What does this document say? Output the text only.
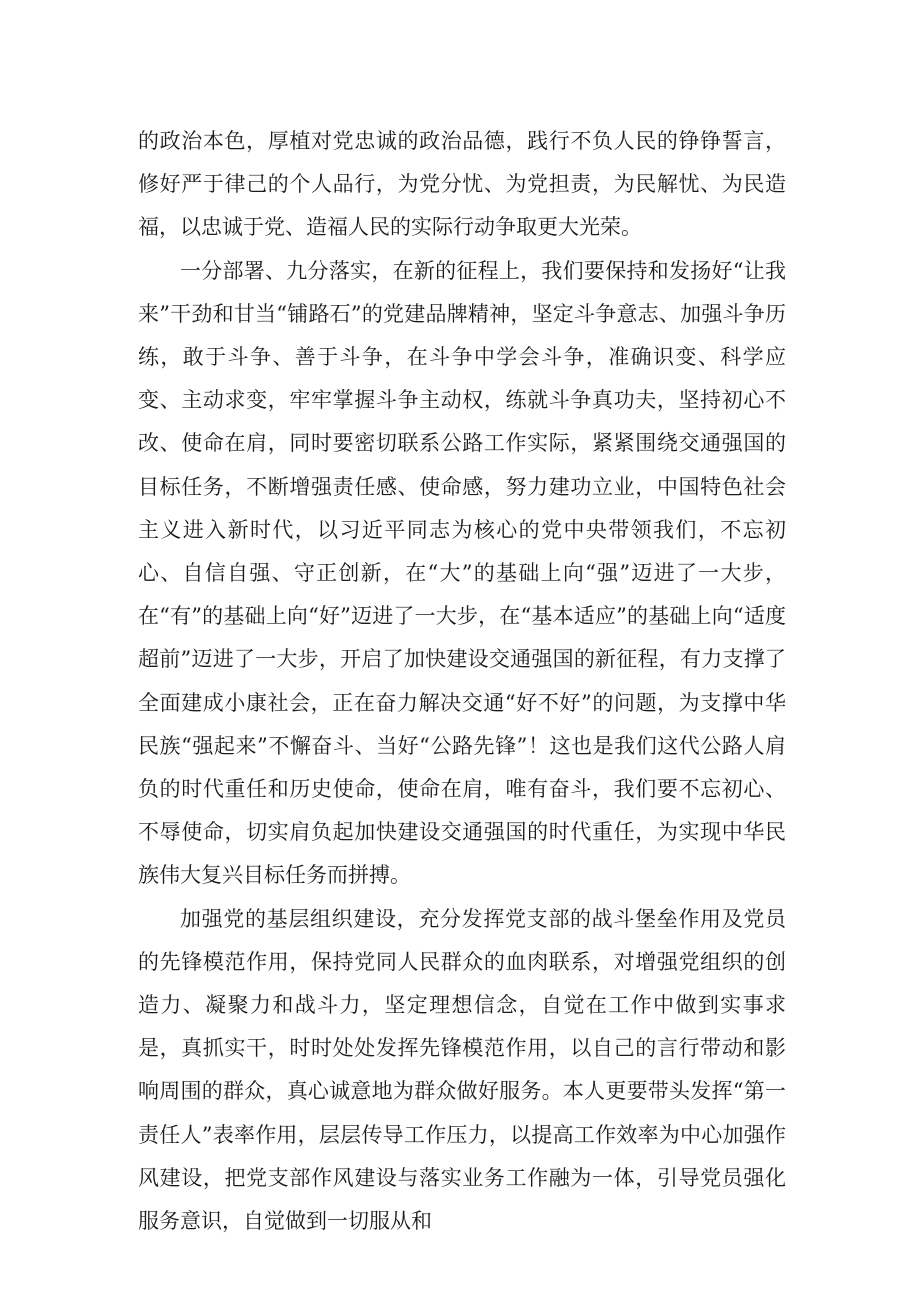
的政治本色，厚植对党忠诚的政治品德，践行不负人民的铮铮誓言，修好严于律己的个人品行，为党分忧、为党担责，为民解忧、为民造福，以忠诚于党、造福人民的实际行动争取更大光荣。

一分部署、九分落实，在新的征程上，我们要保持和发扬好“让我来”干劲和甘当“铺路石”的党建品牌精神，坚定斗争意志、加强斗争历练，敢于斗争、善于斗争，在斗争中学会斗争，准确识变、科学应变、主动求变，牢牢掌握斗争主动权，练就斗争真功夫，坚持初心不改、使命在肩，同时要密切联系公路工作实际，紧紧围绕交通强国的目标任务，不断增强责任感、使命感，努力建功立业，中国特色社会主义进入新时代，以习近平同志为核心的党中央带领我们，不忘初心、自信自强、守正创新，在“大”的基础上向“强”迈进了一大步，在“有”的基础上向“好”迈进了一大步，在“基本适应”的基础上向“适度超前”迈进了一大步，开启了加快建设交通强国的新征程，有力支撑了全面建成小康社会，正在奋力解决交通“好不好”的问题，为支撑中华民族“强起来”不懈奋斗、当好“公路先锋”！这也是我们这代公路人肩负的时代重任和历史使命，使命在肩，唯有奋斗，我们要不忘初心、不辱使命，切实肩负起加快建设交通强国的时代重任，为实现中华民族伟大复兴目标任务而拼搏。

加强党的基层组织建设，充分发挥党支部的战斗堡垒作用及党员的先锋模范作用，保持党同人民群众的血肉联系，对增强党组织的创造力、凝聚力和战斗力，坚定理想信念，自觉在工作中做到实事求是，真抓实干，时时处处发挥先锋模范作用，以自己的言行带动和影响周围的群众，真心诚意地为群众做好服务。本人更要带头发挥“第一责任人”表率作用，层层传导工作压力，以提高工作效率为中心加强作风建设，把党支部作风建设与落实业务工作融为一体，引导党员强化服务意识，自觉做到一切服从和
